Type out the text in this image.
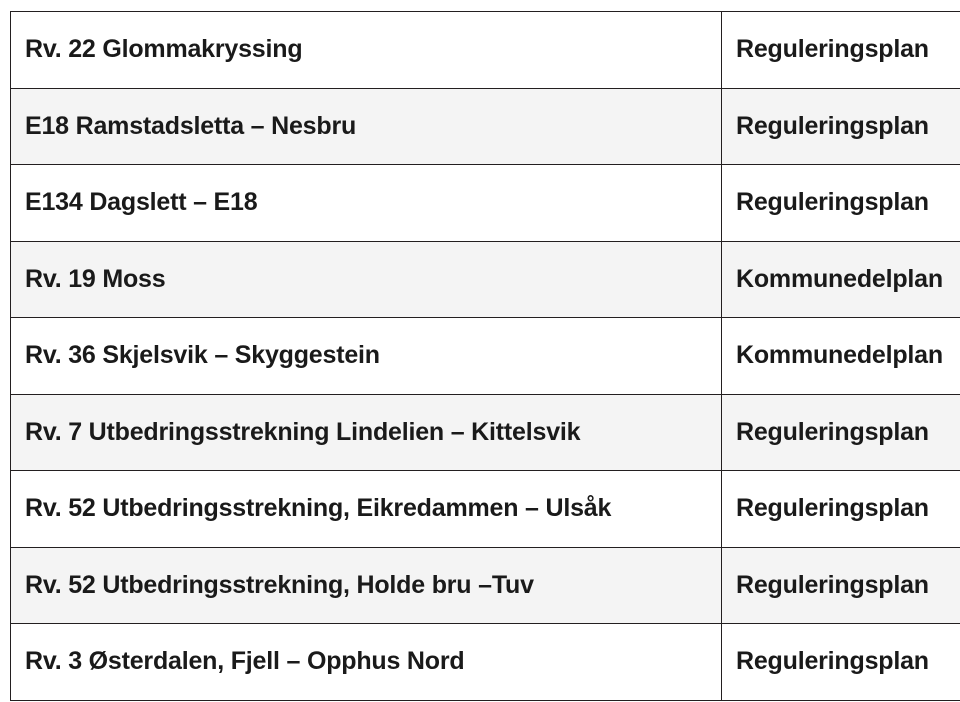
Rv. 22 Glommakryssing	Reguleringsplan
E18 Ramstadsletta – Nesbru	Reguleringsplan
E134 Dagslett – E18	Reguleringsplan
Rv. 19 Moss	Kommunedelplan
Rv. 36 Skjelsvik – Skyggestein	Kommunedelplan
Rv. 7 Utbedringsstrekning Lindelien – Kittelsvik	Reguleringsplan
Rv. 52 Utbedringsstrekning, Eikredammen – Ulsåk	Reguleringsplan
Rv. 52 Utbedringsstrekning, Holde bru –Tuv	Reguleringsplan
Rv. 3 Østerdalen, Fjell – Opphus Nord	Reguleringsplan
